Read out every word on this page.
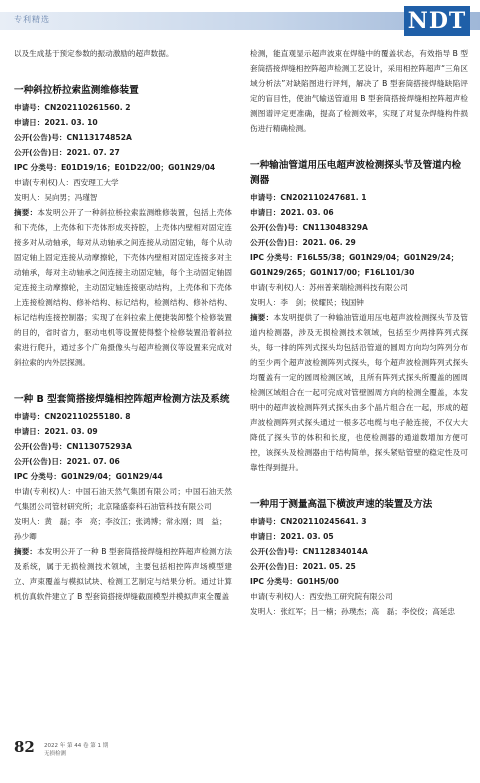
专利精选	NDT
以及生成基于预定参数的振动激励的超声数据。
一种斜拉桥拉索监测维修装置
申请号：CN202110261560. 2
申请日：2021. 03. 10
公开(公告)号：CN113174852A
公开(公告)日：2021. 07. 27
IPC 分类号：E01D19/16；E01D22/00；G01N29/04
申请(专利权)人：西安理工大学
发明人：吴向男；冯瑾智
摘要：本发明公开了一种斜拉桥拉索监测维修装置，包括上壳体和下壳体，上壳体和下壳体形成夹持腔，上壳体内壁相对固定连接多对从动轴承，每对从动轴承之间连接从动固定轴，每个从动固定轴上固定连接从动摩擦轮，下壳体内壁相对固定连接多对主动轴承，每对主动轴承之间连接主动固定轴，每个主动固定轴固定连接主动摩擦轮，主动固定轴连接驱动结构，上壳体和下壳体上连接检测结构、修补结构、标记结构，检测结构、修补结构、标记结构连接控制器；实现了在斜拉索上便捷装卸整个检修装置的目的，省时省力，驱动电机等设置使得整个检修装置沿着斜拉索进行爬升，通过多个广角摄像头与超声检测仪等设置来完成对斜拉索的内外层探测。
一种 B 型套筒搭接焊缝相控阵超声检测方法及系统
申请号：CN202110255180. 8
申请日：2021. 03. 09
公开(公告)号：CN113075293A
公开(公告)日：2021. 07. 06
IPC 分类号：G01N29/04；G01N29/44
申请(专利权)人：中国石油天然气集团有限公司；中国石油天然气集团公司管材研究所；北京隆盛泰科石油管科技有限公司
发明人：黄　磊；李　亮；李汝江；张鸿博；常永刚；周　益；孙少卿
摘要：本发明公开了一种 B 型套筒搭接焊缝相控阵超声检测方法及系统，属于无损检测技术领域，主要包括相控阵声场模型建立、声束覆盖与模拟试块、检测工艺制定与结果分析。通过计算机仿真软件建立了 B 型套筒搭接焊缝截面模型并模拟声束全覆盖
检测，能直观显示超声波束在焊缝中的覆盖状态，有效指导 B 型套筒搭接焊缝相控阵超声检测工艺设计，采用相控阵超声“三角区域分析法”对缺陷图进行评判，解决了 B 型套筒搭接焊缝缺陷评定的盲目性，使油气输送管道用 B 型套筒搭接焊缝相控阵超声检测图谱评定更准确，提高了检测效率，实现了对复杂焊缝构件损伤进行精确检测。
一种输油管道用压电超声波检测探头节及管道内检测器
申请号：CN202110247681. 1
申请日：2021. 03. 06
公开(公告)号：CN113048329A
公开(公告)日：2021. 06. 29
IPC 分类号：F16L55/38；G01N29/04；G01N29/24；G01N29/265；G01N17/00；F16L101/30
申请(专利权)人：苏州普莱瑞检测科技有限公司
发明人：李　剑；侯耀民；钱国钟
摘要：本发明提供了一种输油管道用压电超声波检测探头节及管道内检测器，涉及无损检测技术领域，包括至少两排阵列式探头，每一排的阵列式探头均包括沿管道的圆周方向均匀阵列分布的至少两个超声波检测阵列式探头，每个超声波检测阵列式探头均覆盖有一定的圆周检测区域，且所有阵列式探头所覆盖的圆周检测区域组合在一起可完成对管壁圆周方向的检测全覆盖，本发明中的超声波检测阵列式探头由多个晶片组合在一起，形成的超声波检测阵列式探头通过一根多芯电缆与电子舱连接，不仅大大降低了探头节的体积和长度，也使检测器的通道数增加方便可控，该探头及检测器由于结构简单，探头紧贴管壁的稳定性及可靠性得到提升。
一种用于测量高温下横波声速的装置及方法
申请号：CN202110245641. 3
申请日：2021. 03. 05
公开(公告)号：CN112834014A
公开(公告)日：2021. 05. 25
IPC 分类号：G01H5/00
申请(专利权)人：西安热工研究院有限公司
发明人：张红军；吕一楠；孙璞杰；高　磊；李佼佼；高延忠
82 2022 年 第 44 卷 第 1 期
无损检测
